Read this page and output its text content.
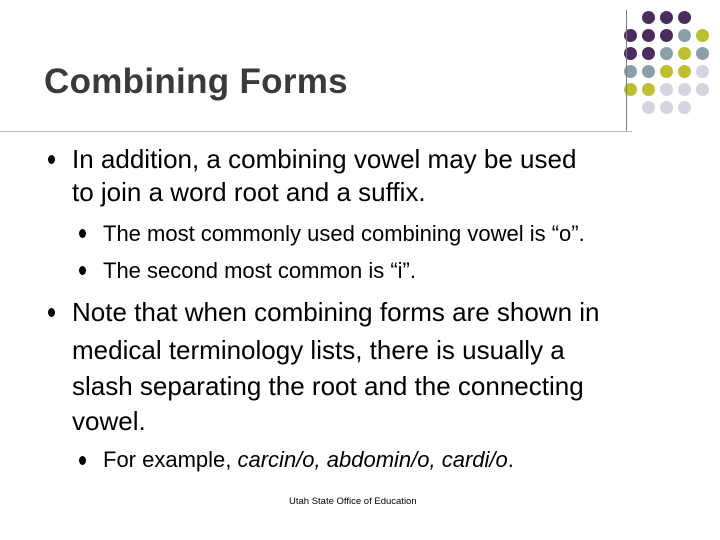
Combining Forms
In addition, a combining vowel may be used
to join a word root and a suffix.
The most commonly used combining vowel is “o”.
The second most common is “i”.
Note that when combining forms are shown in
medical terminology lists, there is usually a
slash separating the root and the connecting
vowel.
For example, carcin/o, abdomin/o, cardi/o.
Utah State Office of Education
